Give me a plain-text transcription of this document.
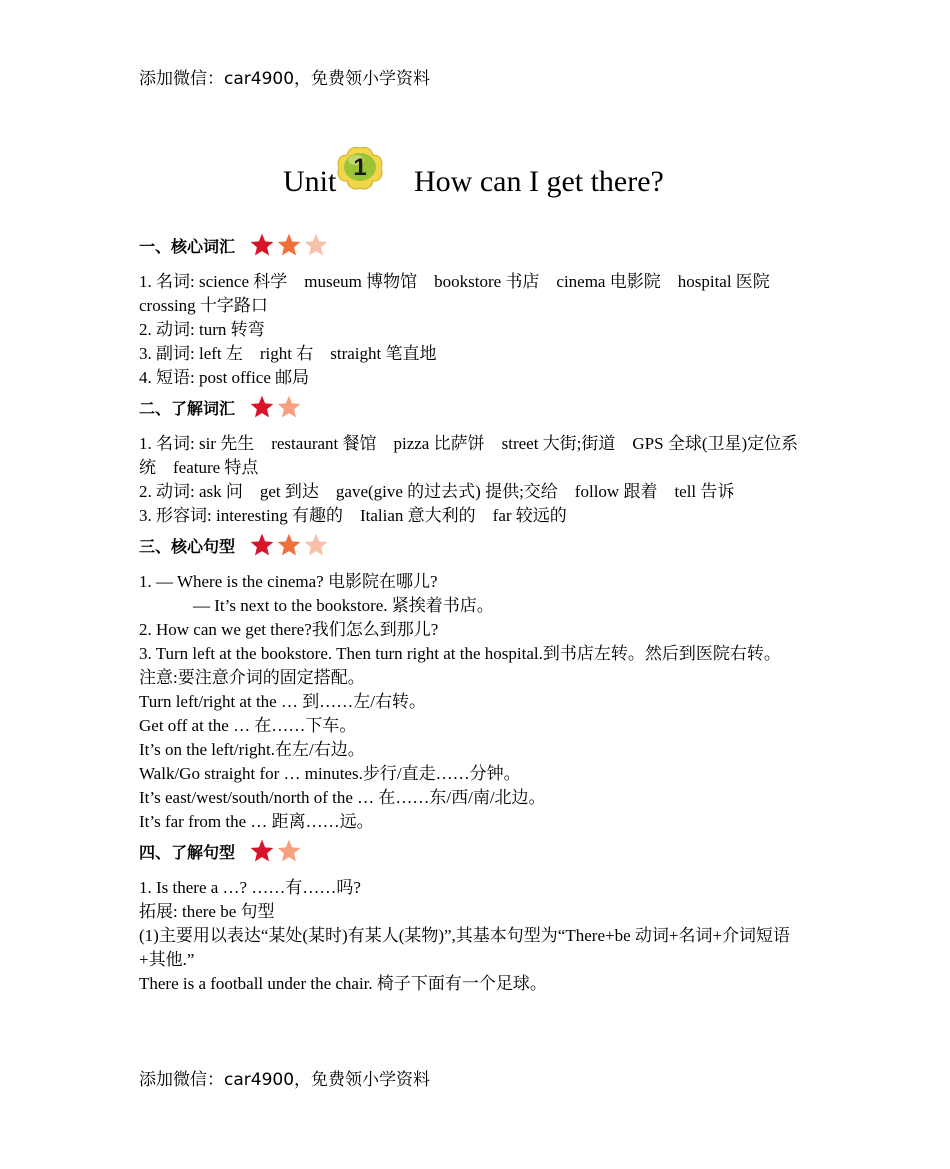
添加微信：car4900，免费领小学资料
Unit 1 How can I get there?
一、核心词汇
1. 名词: science 科学　museum 博物馆　bookstore 书店　cinema 电影院　hospital 医院　crossing 十字路口
2. 动词: turn 转弯
3. 副词: left 左　right 右　straight 笔直地
4. 短语: post office 邮局
二、了解词汇
1. 名词: sir 先生　restaurant 餐馆　pizza 比萨饼　street 大街;街道　GPS 全球(卫星)定位系统　feature 特点
2. 动词: ask 问　get 到达　gave(give 的过去式) 提供;交给　follow 跟着　tell 告诉
3. 形容词: interesting 有趣的　Italian 意大利的　far 较远的
三、核心句型
1. — Where is the cinema? 电影院在哪儿?
— It’s next to the bookstore. 紧挨着书店。
2. How can we get there?我们怎么到那儿?
3. Turn left at the bookstore. Then turn right at the hospital.到书店左转。然后到医院右转。
注意:要注意介词的固定搭配。
Turn left/right at the … 到……左/右转。
Get off at the … 在……下车。
It’s on the left/right.在左/右边。
Walk/Go straight for … minutes.步行/直走……分钟。
It’s east/west/south/north of the … 在……东/西/南/北边。
It’s far from the … 距离……远。
四、了解句型
1. Is there a …? ……有……吗?
拓展: there be 句型
(1)主要用以表达“某处(某时)有某人(某物)”,其基本句型为“There+be 动词+名词+介词短语+其他.”
There is a football under the chair. 椅子下面有一个足球。
添加微信：car4900，免费领小学资料
